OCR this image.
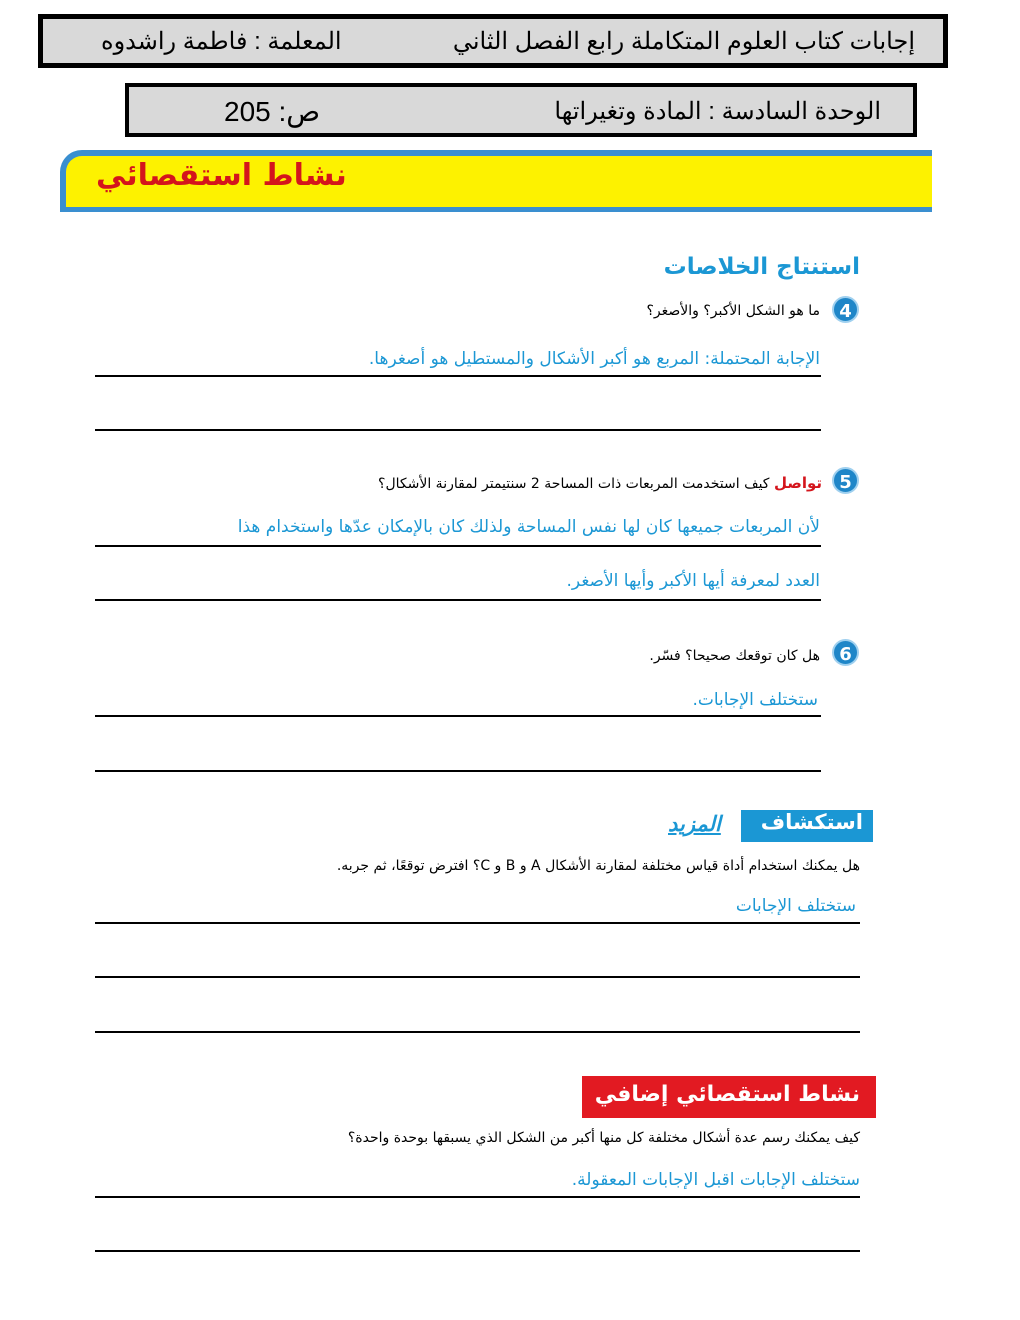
إجابات كتاب العلوم المتكاملة رابع الفصل الثاني
المعلمة : فاطمة راشدوه
الوحدة السادسة : المادة وتغيراتها
ص: 205
نشاط استقصائي
استنتاج الخلاصات
4
ما هو الشكل الأكبر؟ والأصغر؟
الإجابة المحتملة: المربع هو أكبر الأشكال والمستطيل هو أصغرها.
5
تواصل كيف استخدمت المربعات ذات المساحة 2 سنتيمتر لمقارنة الأشكال؟
لأن المربعات جميعها كان لها نفس المساحة ولذلك كان بالإمكان عدّها واستخدام هذا
العدد لمعرفة أيها الأكبر وأيها الأصغر.
6
هل كان توقعك صحيحا؟ فسّر.
ستختلف الإجابات.
استكشاف
المزيد
هل يمكنك استخدام أداة قياس مختلفة لمقارنة الأشكال A و B و C؟ افترض توقعًا، ثم جربه.
ستختلف الإجابات
نشاط استقصائي إضافي
كيف يمكنك رسم عدة أشكال مختلفة كل منها أكبر من الشكل الذي يسبقها بوحدة واحدة؟
ستختلف الإجابات اقبل الإجابات المعقولة.
